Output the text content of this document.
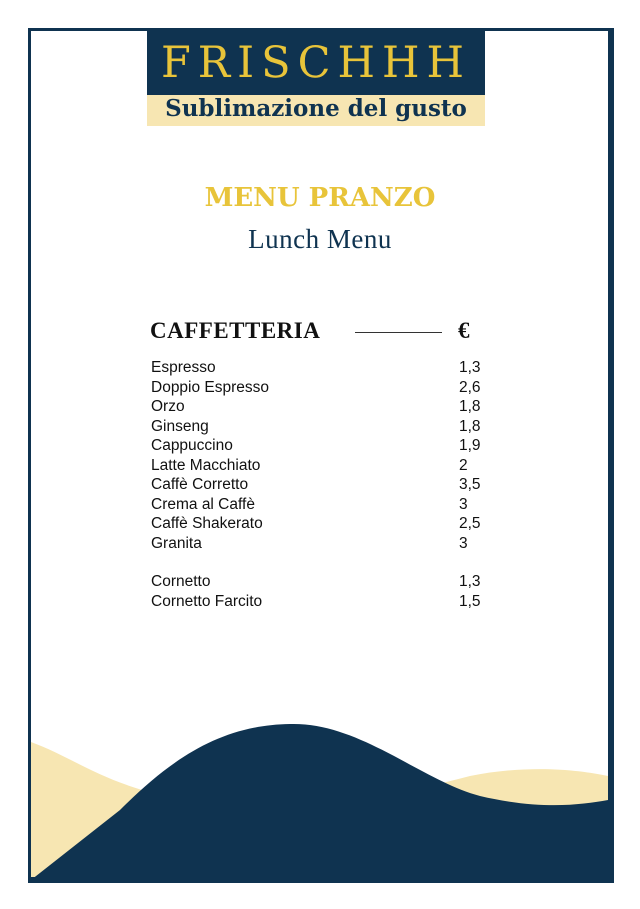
FRISCHHH
Sublimazione del gusto
MENU PRANZO
Lunch Menu
CAFFETTERIA	€
Espresso	1,3
Doppio Espresso	2,6
Orzo	1,8
Ginseng	1,8
Cappuccino	1,9
Latte Macchiato	2
Caffè Corretto	3,5
Crema al Caffè	3
Caffè Shakerato	2,5
Granita	3
Cornetto	1,3
Cornetto Farcito	1,5
